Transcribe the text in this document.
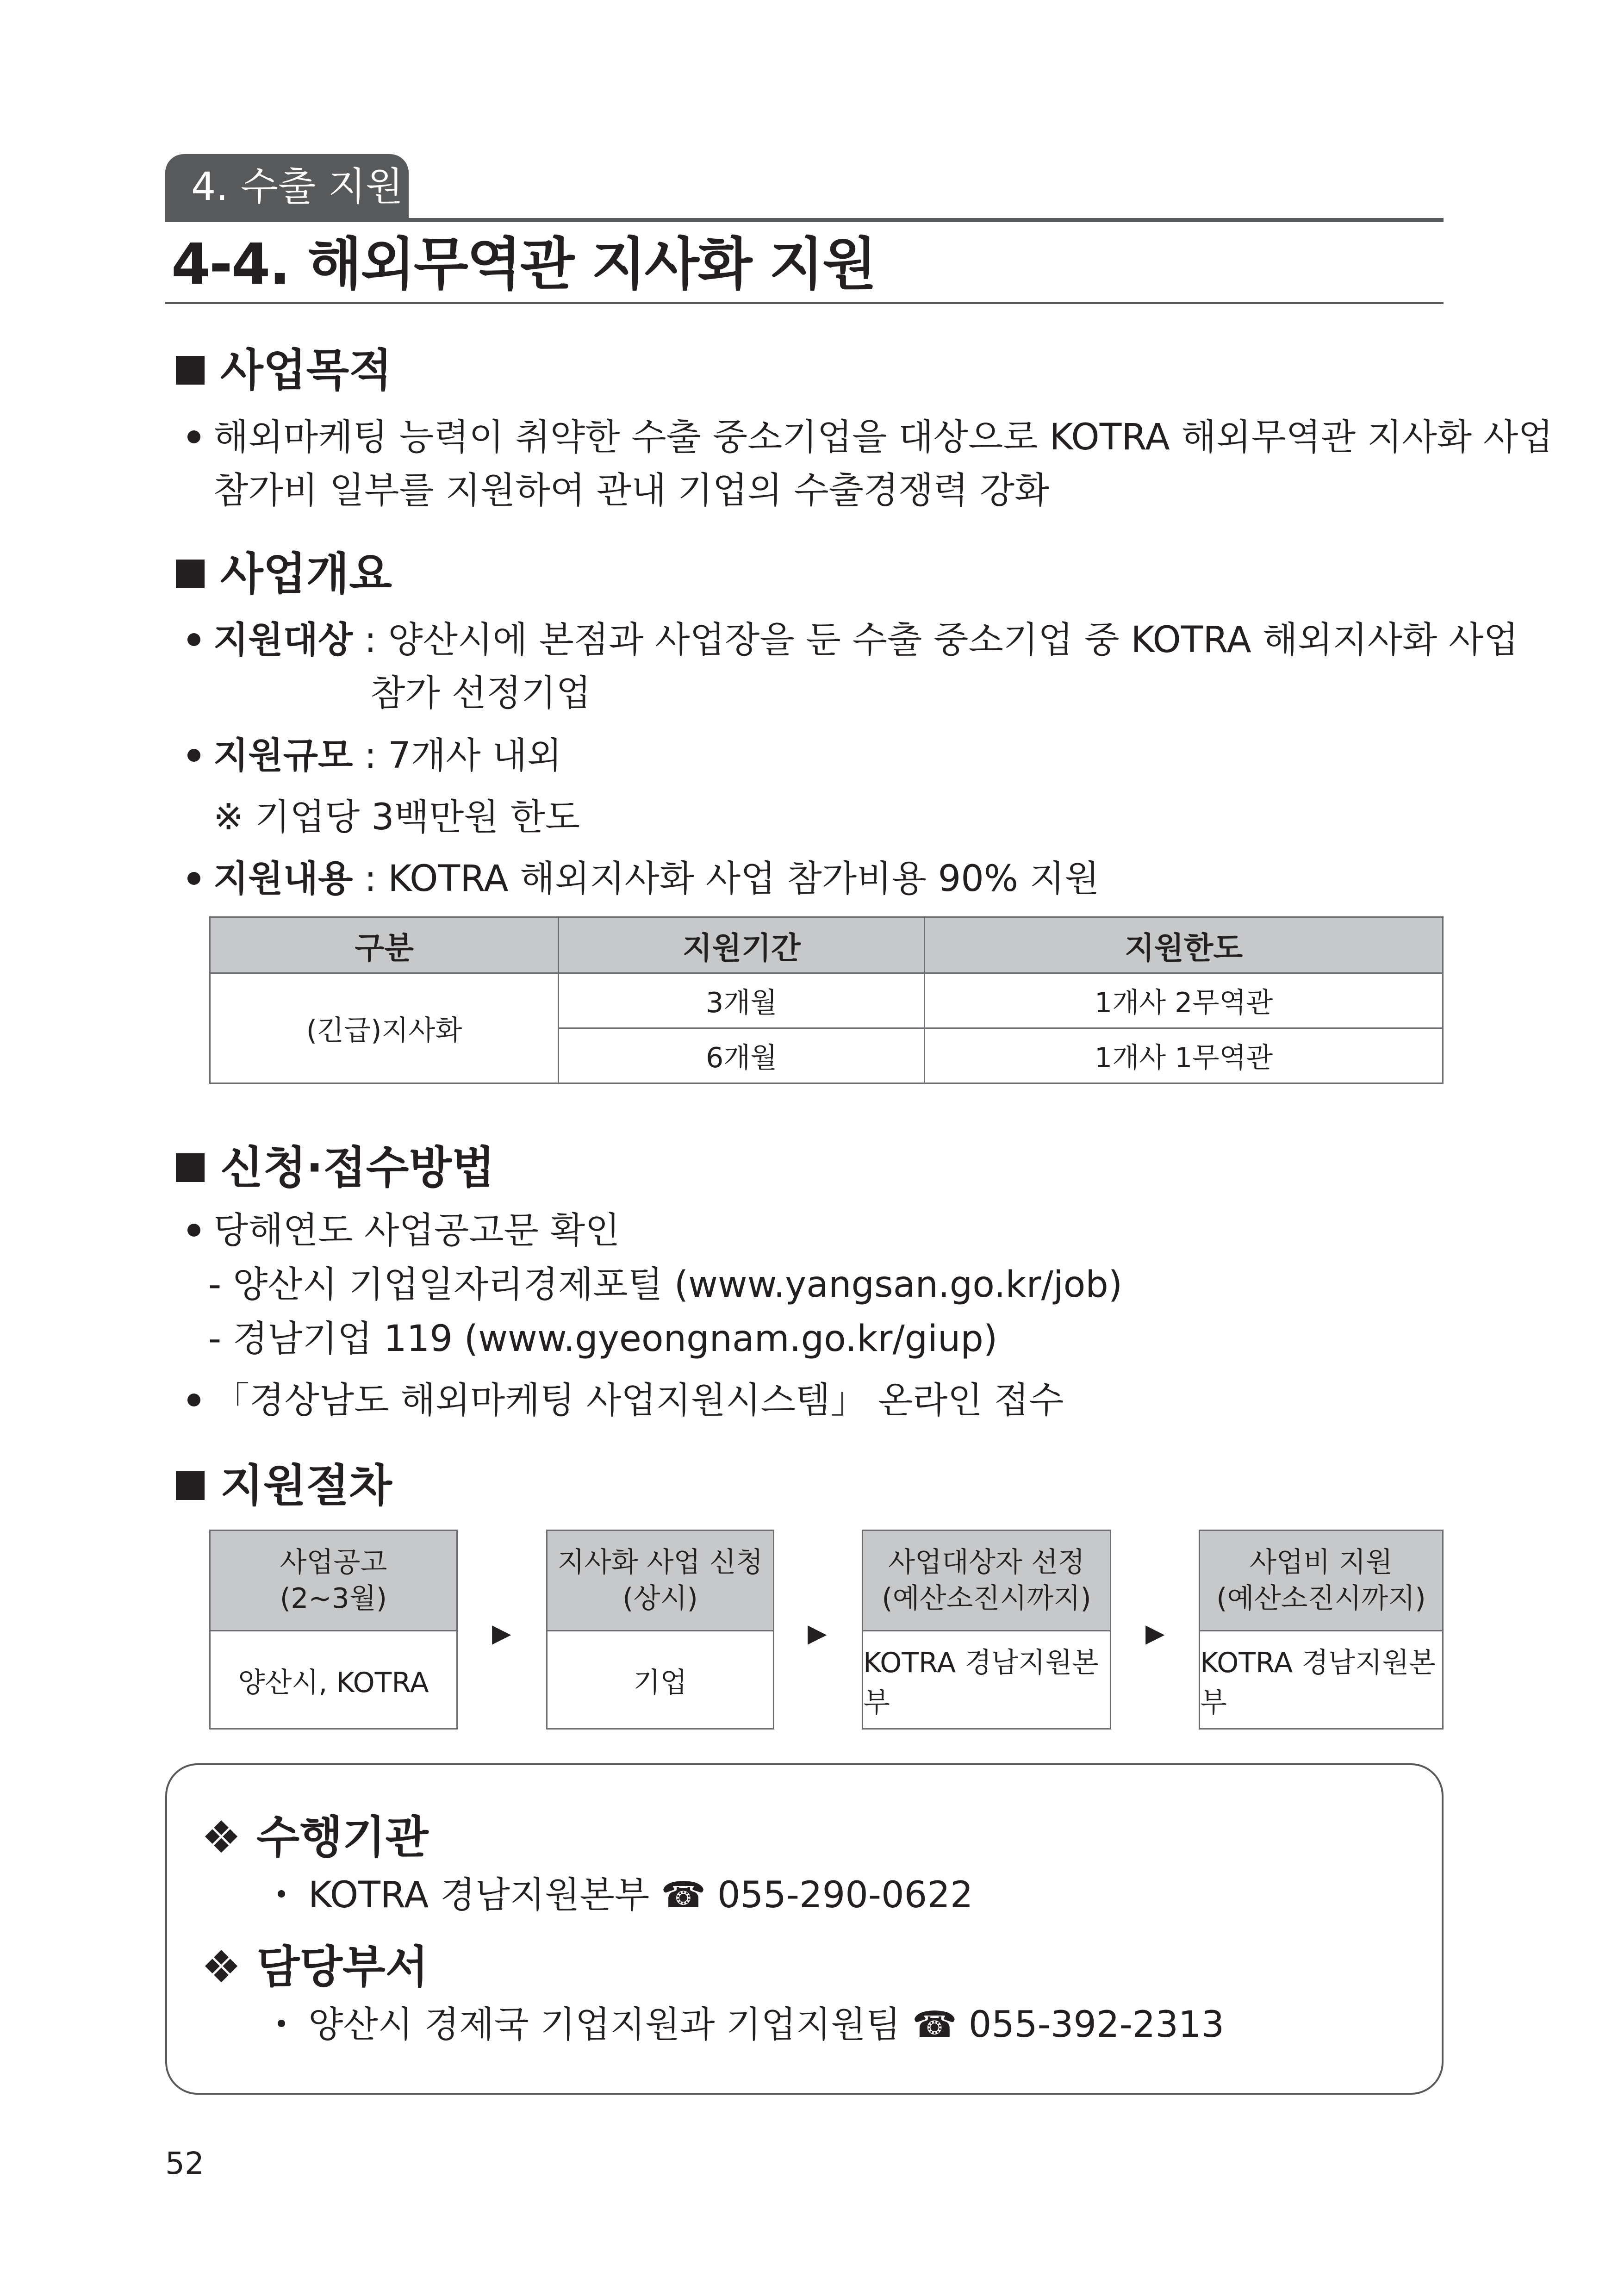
4. 수출 지원
4-4. 해외무역관 지사화 지원
사업목적
해외마케팅 능력이 취약한 수출 중소기업을 대상으로 KOTRA 해외무역관 지사화 사업
참가비 일부를 지원하여 관내 기업의 수출경쟁력 강화
사업개요
지원대상 : 양산시에 본점과 사업장을 둔 수출 중소기업 중 KOTRA 해외지사화 사업
참가 선정기업
지원규모 : 7개사 내외
※ 기업당 3백만원 한도
지원내용 : KOTRA 해외지사화 사업 참가비용 90% 지원
구분	지원기간	지원한도
(긴급)지사화	3개월	1개사 2무역관
	6개월	1개사 1무역관
신청·접수방법
당해연도 사업공고문 확인
- 양산시 기업일자리경제포털 (www.yangsan.go.kr/job)
- 경남기업 119 (www.gyeongnam.go.kr/giup)
「경상남도 해외마케팅 사업지원시스템」 온라인 접수
지원절차
사업공고
(2~3월)
양산시, KOTRA
▶
지사화 사업 신청
(상시)
기업
▶
사업대상자 선정
(예산소진시까지)
KOTRA 경남지원본부
▶
사업비 지원
(예산소진시까지)
KOTRA 경남지원본부
❖ 수행기관
KOTRA 경남지원본부 ☎ 055-290-0622
❖ 담당부서
양산시 경제국 기업지원과 기업지원팀 ☎ 055-392-2313
52
